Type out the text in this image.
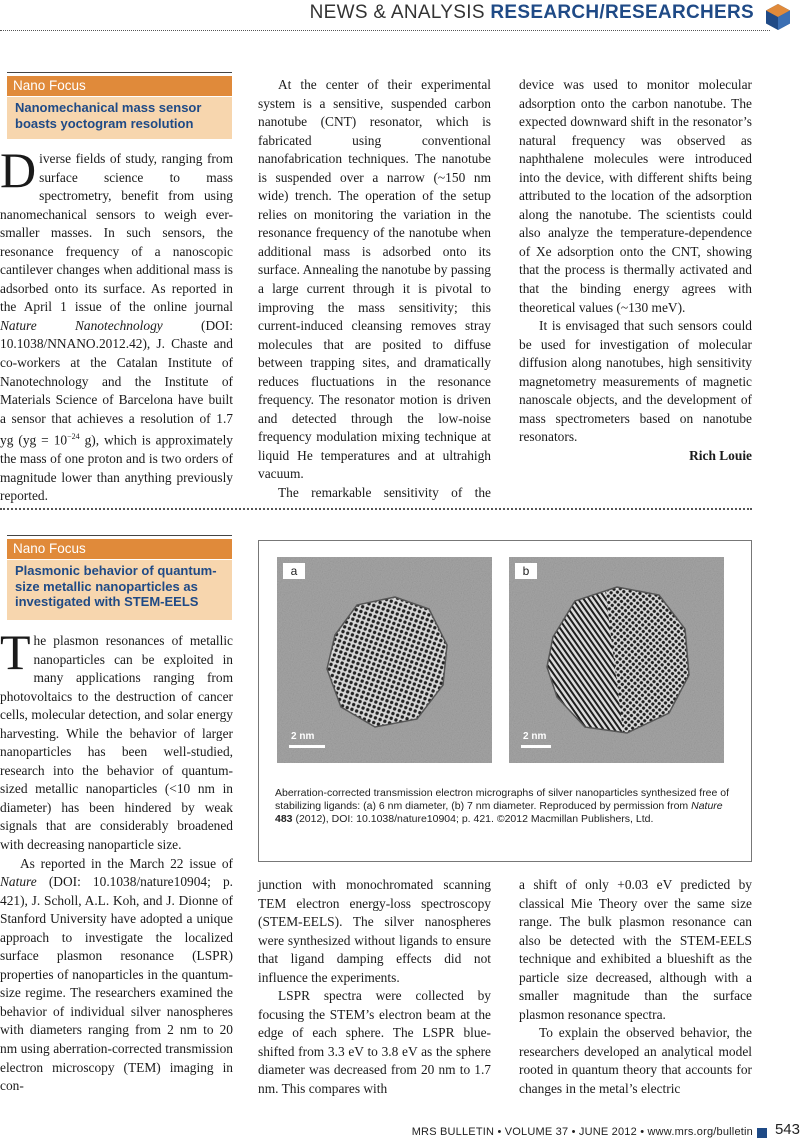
NEWS & ANALYSIS RESEARCH/RESEARCHERS
Nano Focus
Nanomechanical mass sensor boasts yoctogram resolution

Diverse fields of study, ranging from surface science to mass spectrometry, benefit from using nanomechanical sensors to weigh ever-smaller masses. In such sensors, the resonance frequency of a nanoscopic cantilever changes when additional mass is adsorbed onto its surface. As reported in the April 1 issue of the online journal Nature Nanotechnology (DOI: 10.1038/NNANO.2012.42), J. Chaste and co-workers at the Catalan Institute of Nanotechnology and the Institute of Materials Science of Barcelona have built a sensor that achieves a resolution of 1.7 yg ($yg = 10^{-24}$ g), which is approximately the mass of one proton and is two orders of magnitude lower than anything previously reported.

At the center of their experimental system is a sensitive, suspended carbon nanotube (CNT) resonator, which is fabricated using conventional nanofabrication techniques. The nanotube is suspended over a narrow (~150 nm wide) trench. The operation of the setup relies on monitoring the variation in the resonance frequency of the nanotube when additional mass is adsorbed onto its surface. Annealing the nanotube by passing a large current through it is pivotal to improving the mass sensitivity; this current-induced cleansing removes stray molecules that are posited to diffuse between trapping sites, and dramatically reduces fluctuations in the resonance frequency. The resonator motion is driven and detected through the low-noise frequency modulation mixing technique at liquid He temperatures and at ultrahigh vacuum.

The remarkable sensitivity of the

device was used to monitor molecular adsorption onto the carbon nanotube. The expected downward shift in the resonator’s natural frequency was observed as naphthalene molecules were introduced into the device, with different shifts being attributed to the location of the adsorption along the nanotube. The scientists could also analyze the temperature-dependence of Xe adsorption onto the CNT, showing that the process is thermally activated and that the binding energy agrees with theoretical values (~130 meV).

It is envisaged that such sensors could be used for investigation of molecular diffusion along nanotubes, high sensitivity magnetometry measurements of magnetic nanoscale objects, and the development of mass spectrometers based on nanotube resonators.

Rich Louie
Nano Focus
Plasmonic behavior of quantum-size metallic nanoparticles as investigated with STEM-EELS

The plasmon resonances of metallic nanoparticles can be exploited in many applications ranging from photovoltaics to the destruction of cancer cells, molecular detection, and solar energy harvesting. While the behavior of larger nanoparticles has been well-studied, research into the behavior of quantum-sized metallic nanoparticles (<10 nm in diameter) has been hindered by weak signals that are considerably broadened with decreasing nanoparticle size.

As reported in the March 22 issue of Nature (DOI: 10.1038/nature10904; p. 421), J. Scholl, A.L. Koh, and J. Dionne of Stanford University have adopted a unique approach to investigate the localized surface plasmon resonance (LSPR) properties of nanoparticles in the quantum-size regime. The researchers examined the behavior of individual silver nanospheres with diameters ranging from 2 nm to 20 nm using aberration-corrected transmission electron microscopy (TEM) imaging in con-

a
2 nm
b
2 nm
Aberration-corrected transmission electron micrographs of silver nanoparticles synthesized free of stabilizing ligands: (a) 6 nm diameter, (b) 7 nm diameter. Reproduced by permission from Nature 483 (2012), DOI: 10.1038/nature10904; p. 421. ©2012 Macmillan Publishers, Ltd.

junction with monochromated scanning TEM electron energy-loss spectroscopy (STEM-EELS). The silver nanospheres were synthesized without ligands to ensure that ligand damping effects did not influence the experiments.

LSPR spectra were collected by focusing the STEM’s electron beam at the edge of each sphere. The LSPR blue-shifted from 3.3 eV to 3.8 eV as the sphere diameter was decreased from 20 nm to 1.7 nm. This compares with

a shift of only +0.03 eV predicted by classical Mie Theory over the same size range. The bulk plasmon resonance can also be detected with the STEM-EELS technique and exhibited a blueshift as the particle size decreased, although with a smaller magnitude than the surface plasmon resonance spectra.

To explain the observed behavior, the researchers developed an analytical model rooted in quantum theory that accounts for changes in the metal’s electric

MRS BULLETIN • VOLUME 37 • JUNE 2012 • www.mrs.org/bulletin 543
